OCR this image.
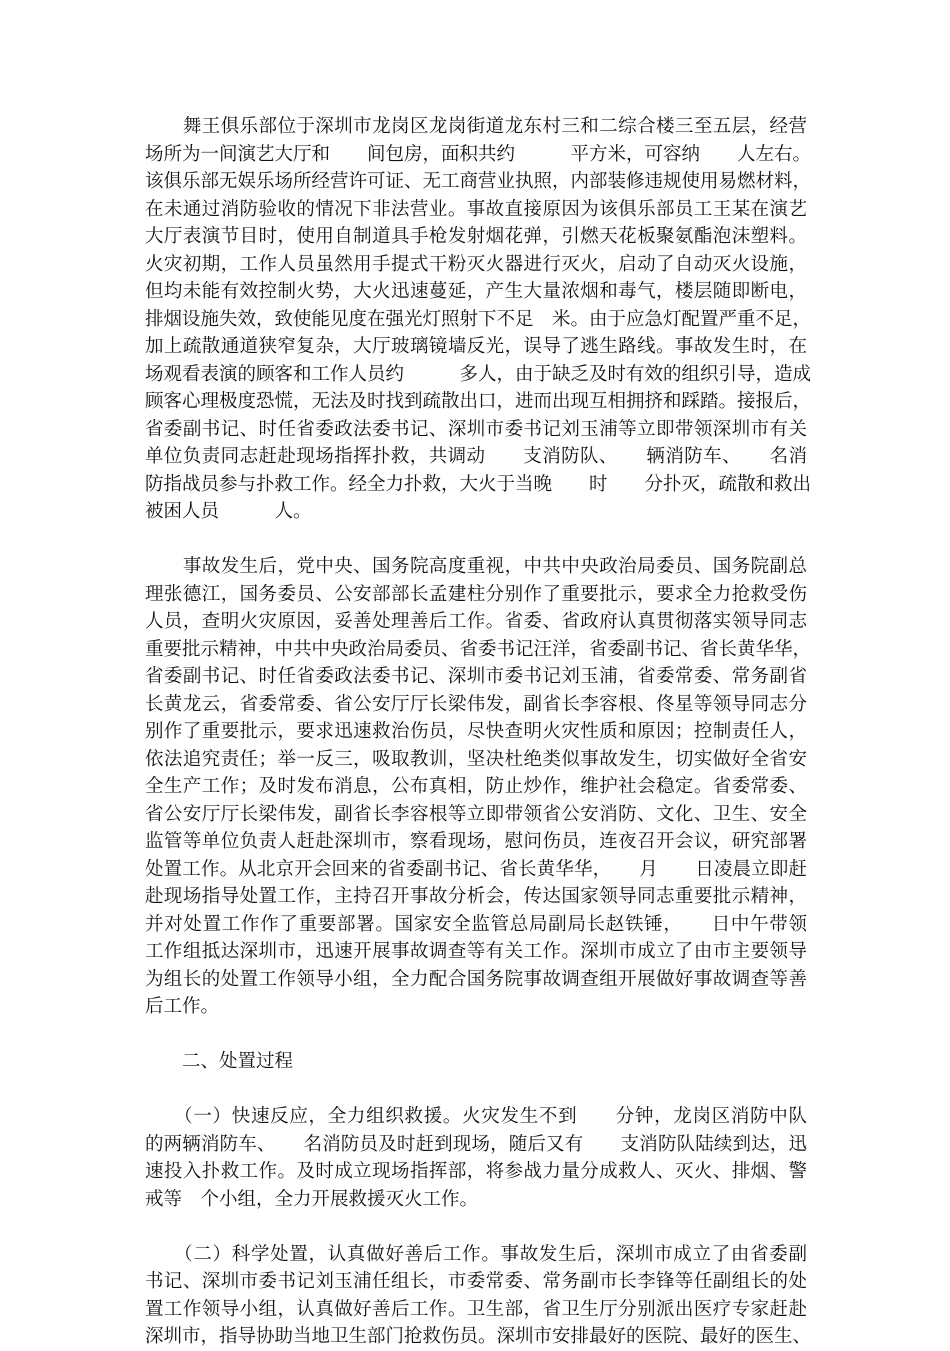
　　舞王俱乐部位于深圳市龙岗区龙岗街道龙东村三和二综合楼三至五层，经营
场所为一间演艺大厅和　　间包房，面积共约　　　平方米，可容纳　　人左右。
该俱乐部无娱乐场所经营许可证、无工商营业执照，内部装修违规使用易燃材料，
在未通过消防验收的情况下非法营业。事故直接原因为该俱乐部员工王某在演艺
大厅表演节目时，使用自制道具手枪发射烟花弹，引燃天花板聚氨酯泡沫塑料。
火灾初期，工作人员虽然用手提式干粉灭火器进行灭火，启动了自动灭火设施，
但均未能有效控制火势，大火迅速蔓延，产生大量浓烟和毒气，楼层随即断电，
排烟设施失效，致使能见度在强光灯照射下不足　米。由于应急灯配置严重不足，
加上疏散通道狭窄复杂，大厅玻璃镜墙反光，误导了逃生路线。事故发生时，在
场观看表演的顾客和工作人员约　　　多人，由于缺乏及时有效的组织引导，造成
顾客心理极度恐慌，无法及时找到疏散出口，进而出现互相拥挤和踩踏。接报后，
省委副书记、时任省委政法委书记、深圳市委书记刘玉浦等立即带领深圳市有关
单位负责同志赶赴现场指挥扑救，共调动　　支消防队、　　辆消防车、　　名消
防指战员参与扑救工作。经全力扑救，大火于当晚　　时　　分扑灭，疏散和救出
被困人员　　　人。
　　事故发生后，党中央、国务院高度重视，中共中央政治局委员、国务院副总
理张德江，国务委员、公安部部长孟建柱分别作了重要批示，要求全力抢救受伤
人员，查明火灾原因，妥善处理善后工作。省委、省政府认真贯彻落实领导同志
重要批示精神，中共中央政治局委员、省委书记汪洋，省委副书记、省长黄华华，
省委副书记、时任省委政法委书记、深圳市委书记刘玉浦，省委常委、常务副省
长黄龙云，省委常委、省公安厅厅长梁伟发，副省长李容根、佟星等领导同志分
别作了重要批示，要求迅速救治伤员，尽快查明火灾性质和原因；控制责任人，
依法追究责任；举一反三，吸取教训，坚决杜绝类似事故发生，切实做好全省安
全生产工作；及时发布消息，公布真相，防止炒作，维护社会稳定。省委常委、
省公安厅厅长梁伟发，副省长李容根等立即带领省公安消防、文化、卫生、安全
监管等单位负责人赶赴深圳市，察看现场，慰问伤员，连夜召开会议，研究部署
处置工作。从北京开会回来的省委副书记、省长黄华华，　　月　　日凌晨立即赶
赴现场指导处置工作，主持召开事故分析会，传达国家领导同志重要批示精神，
并对处置工作作了重要部署。国家安全监管总局副局长赵铁锤，　　日中午带领
工作组抵达深圳市，迅速开展事故调查等有关工作。深圳市成立了由市主要领导
为组长的处置工作领导小组，全力配合国务院事故调查组开展做好事故调查等善
后工作。
　　二、处置过程
　　（一）快速反应，全力组织救援。火灾发生不到　　分钟，龙岗区消防中队
的两辆消防车、　　名消防员及时赶到现场，随后又有　　支消防队陆续到达，迅
速投入扑救工作。及时成立现场指挥部，将参战力量分成救人、灭火、排烟、警
戒等　个小组，全力开展救援灭火工作。
　　（二）科学处置，认真做好善后工作。事故发生后，深圳市成立了由省委副
书记、深圳市委书记刘玉浦任组长，市委常委、常务副市长李锋等任副组长的处
置工作领导小组，认真做好善后工作。卫生部，省卫生厅分别派出医疗专家赶赴
深圳市，指导协助当地卫生部门抢救伤员。深圳市安排最好的医院、最好的医生、
